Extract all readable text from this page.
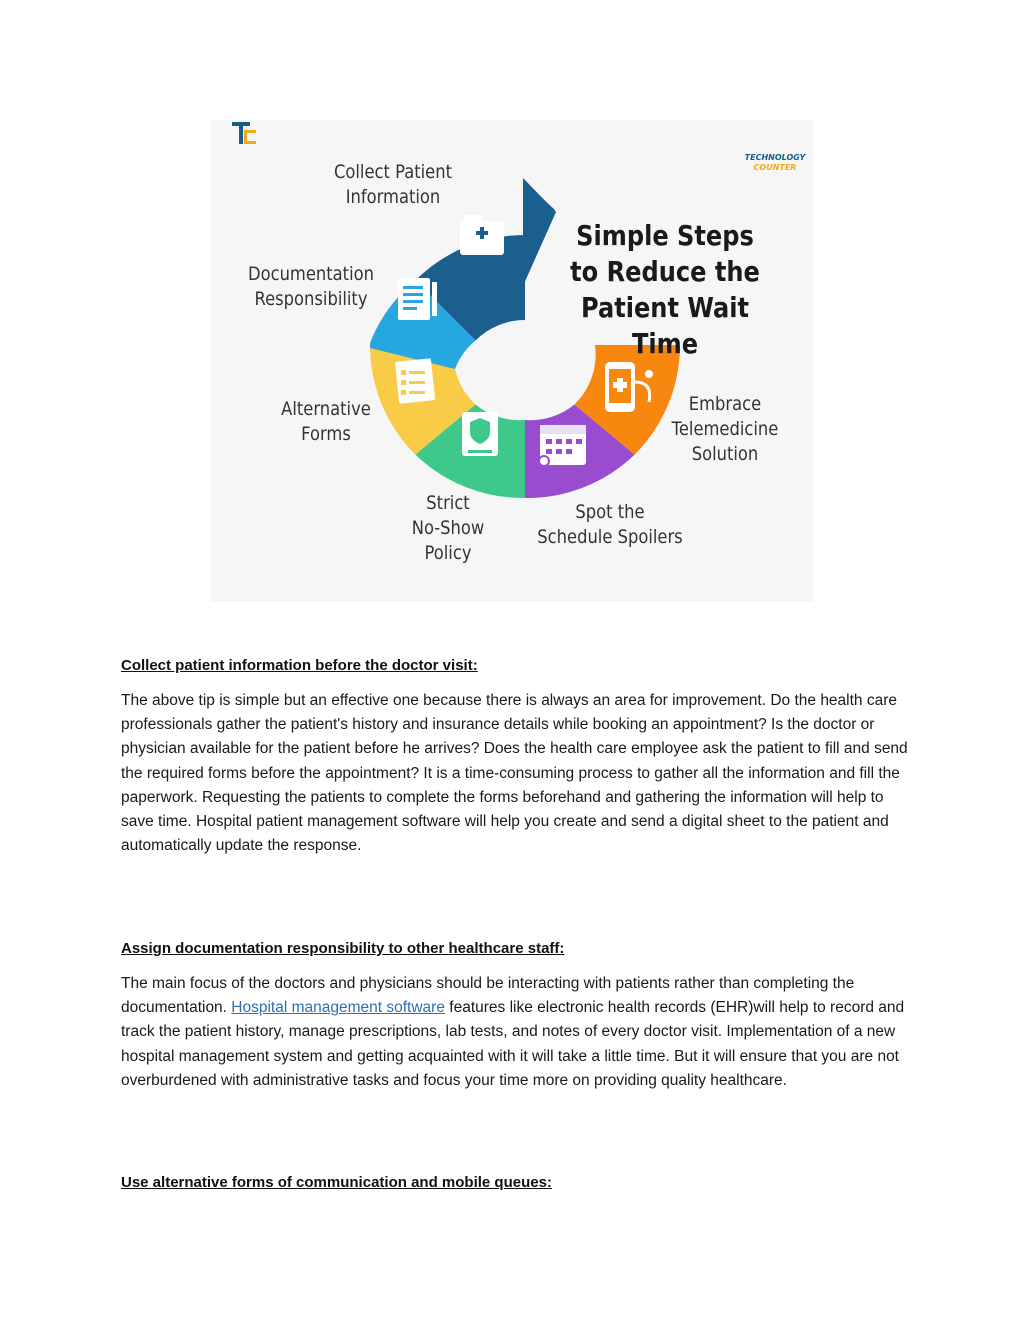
Collect Patient
Information
Documentation
Responsibility
Alternative
Forms
Strict
No-Show
Policy
Spot the
Schedule Spoilers
Embrace
Telemedicine
Solution
Simple Steps
to Reduce the
Patient Wait Time
TECHNOLOGY
COUNTER

Collect patient information before the doctor visit:

The above tip is simple but an effective one because there is always an area for improvement. Do the health care professionals gather the patient's history and insurance details while booking an appointment? Is the doctor or physician available for the patient before he arrives? Does the health care employee ask the patient to fill and send the required forms before the appointment? It is a time-consuming process to gather all the information and fill the paperwork. Requesting the patients to complete the forms beforehand and gathering the information will help to save time. Hospital patient management software will help you create and send a digital sheet to the patient and automatically update the response.

Assign documentation responsibility to other healthcare staff:

The main focus of the doctors and physicians should be interacting with patients rather than completing the documentation. Hospital management software features like electronic health records (EHR)will help to record and track the patient history, manage prescriptions, lab tests, and notes of every doctor visit. Implementation of a new hospital management system and getting acquainted with it will take a little time. But it will ensure that you are not overburdened with administrative tasks and focus your time more on providing quality healthcare.

Use alternative forms of communication and mobile queues:
